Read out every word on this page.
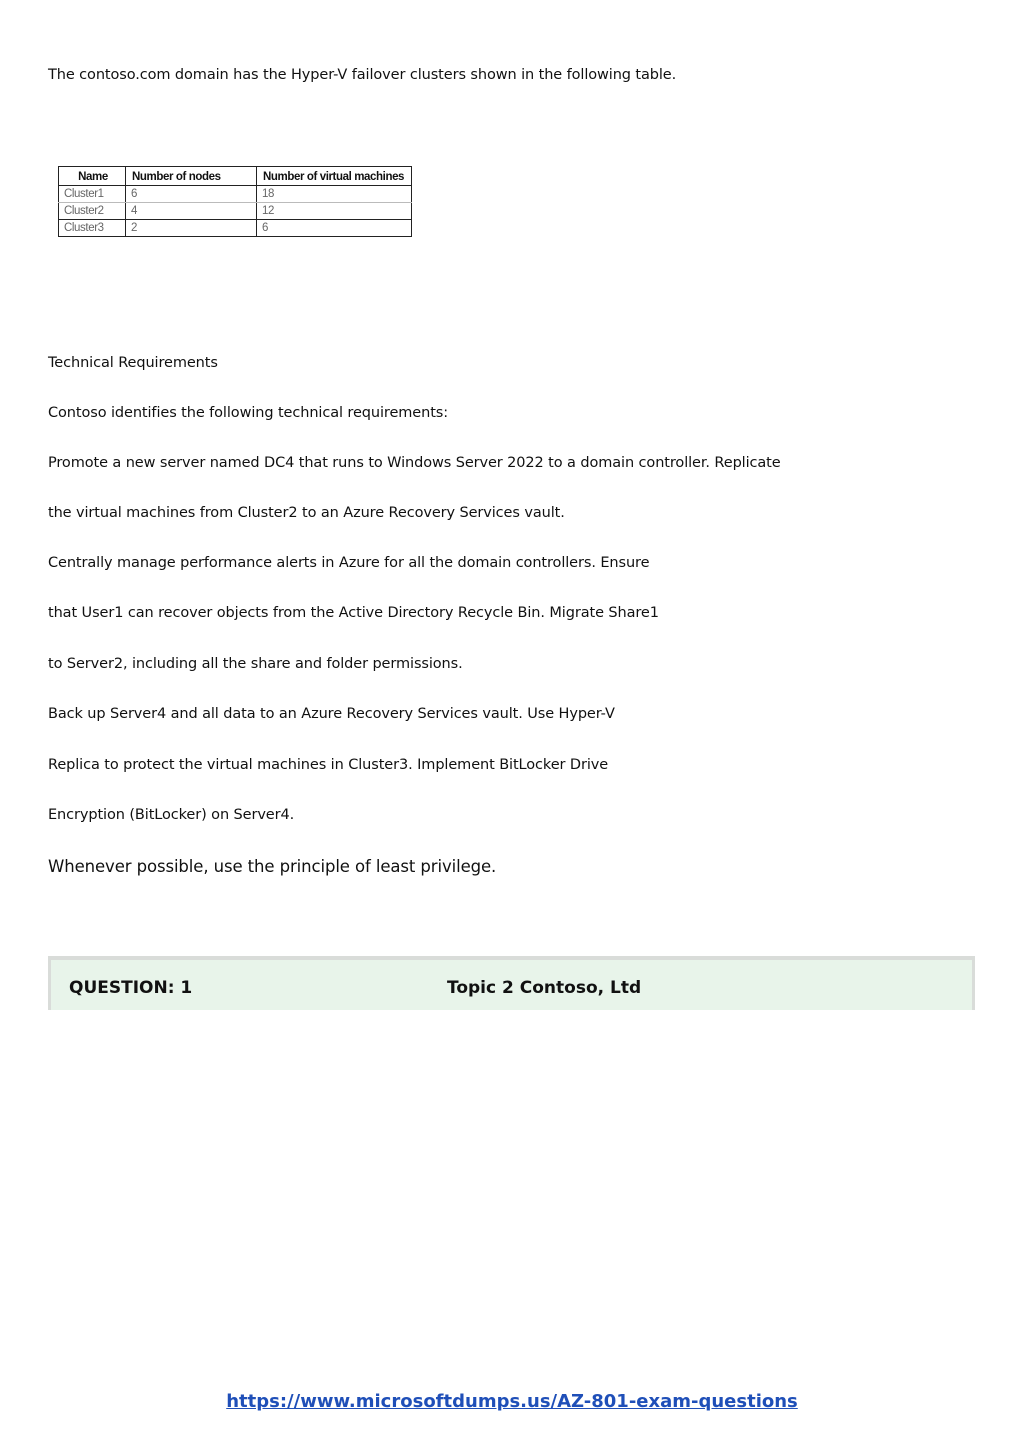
The contoso.com domain has the Hyper-V failover clusters shown in the following table.
Name	Number of nodes	Number of virtual machines
Cluster1	6	18
Cluster2	4	12
Cluster3	2	6
Technical Requirements
Contoso identifies the following technical requirements:
Promote a new server named DC4 that runs to Windows Server 2022 to a domain controller. Replicate
the virtual machines from Cluster2 to an Azure Recovery Services vault.
Centrally manage performance alerts in Azure for all the domain controllers. Ensure
that User1 can recover objects from the Active Directory Recycle Bin. Migrate Share1
to Server2, including all the share and folder permissions.
Back up Server4 and all data to an Azure Recovery Services vault. Use Hyper-V
Replica to protect the virtual machines in Cluster3. Implement BitLocker Drive
Encryption (BitLocker) on Server4.
Whenever possible, use the principle of least privilege.
QUESTION: 1	Topic 2 Contoso, Ltd
https://www.microsoftdumps.us/AZ-801-exam-questions
